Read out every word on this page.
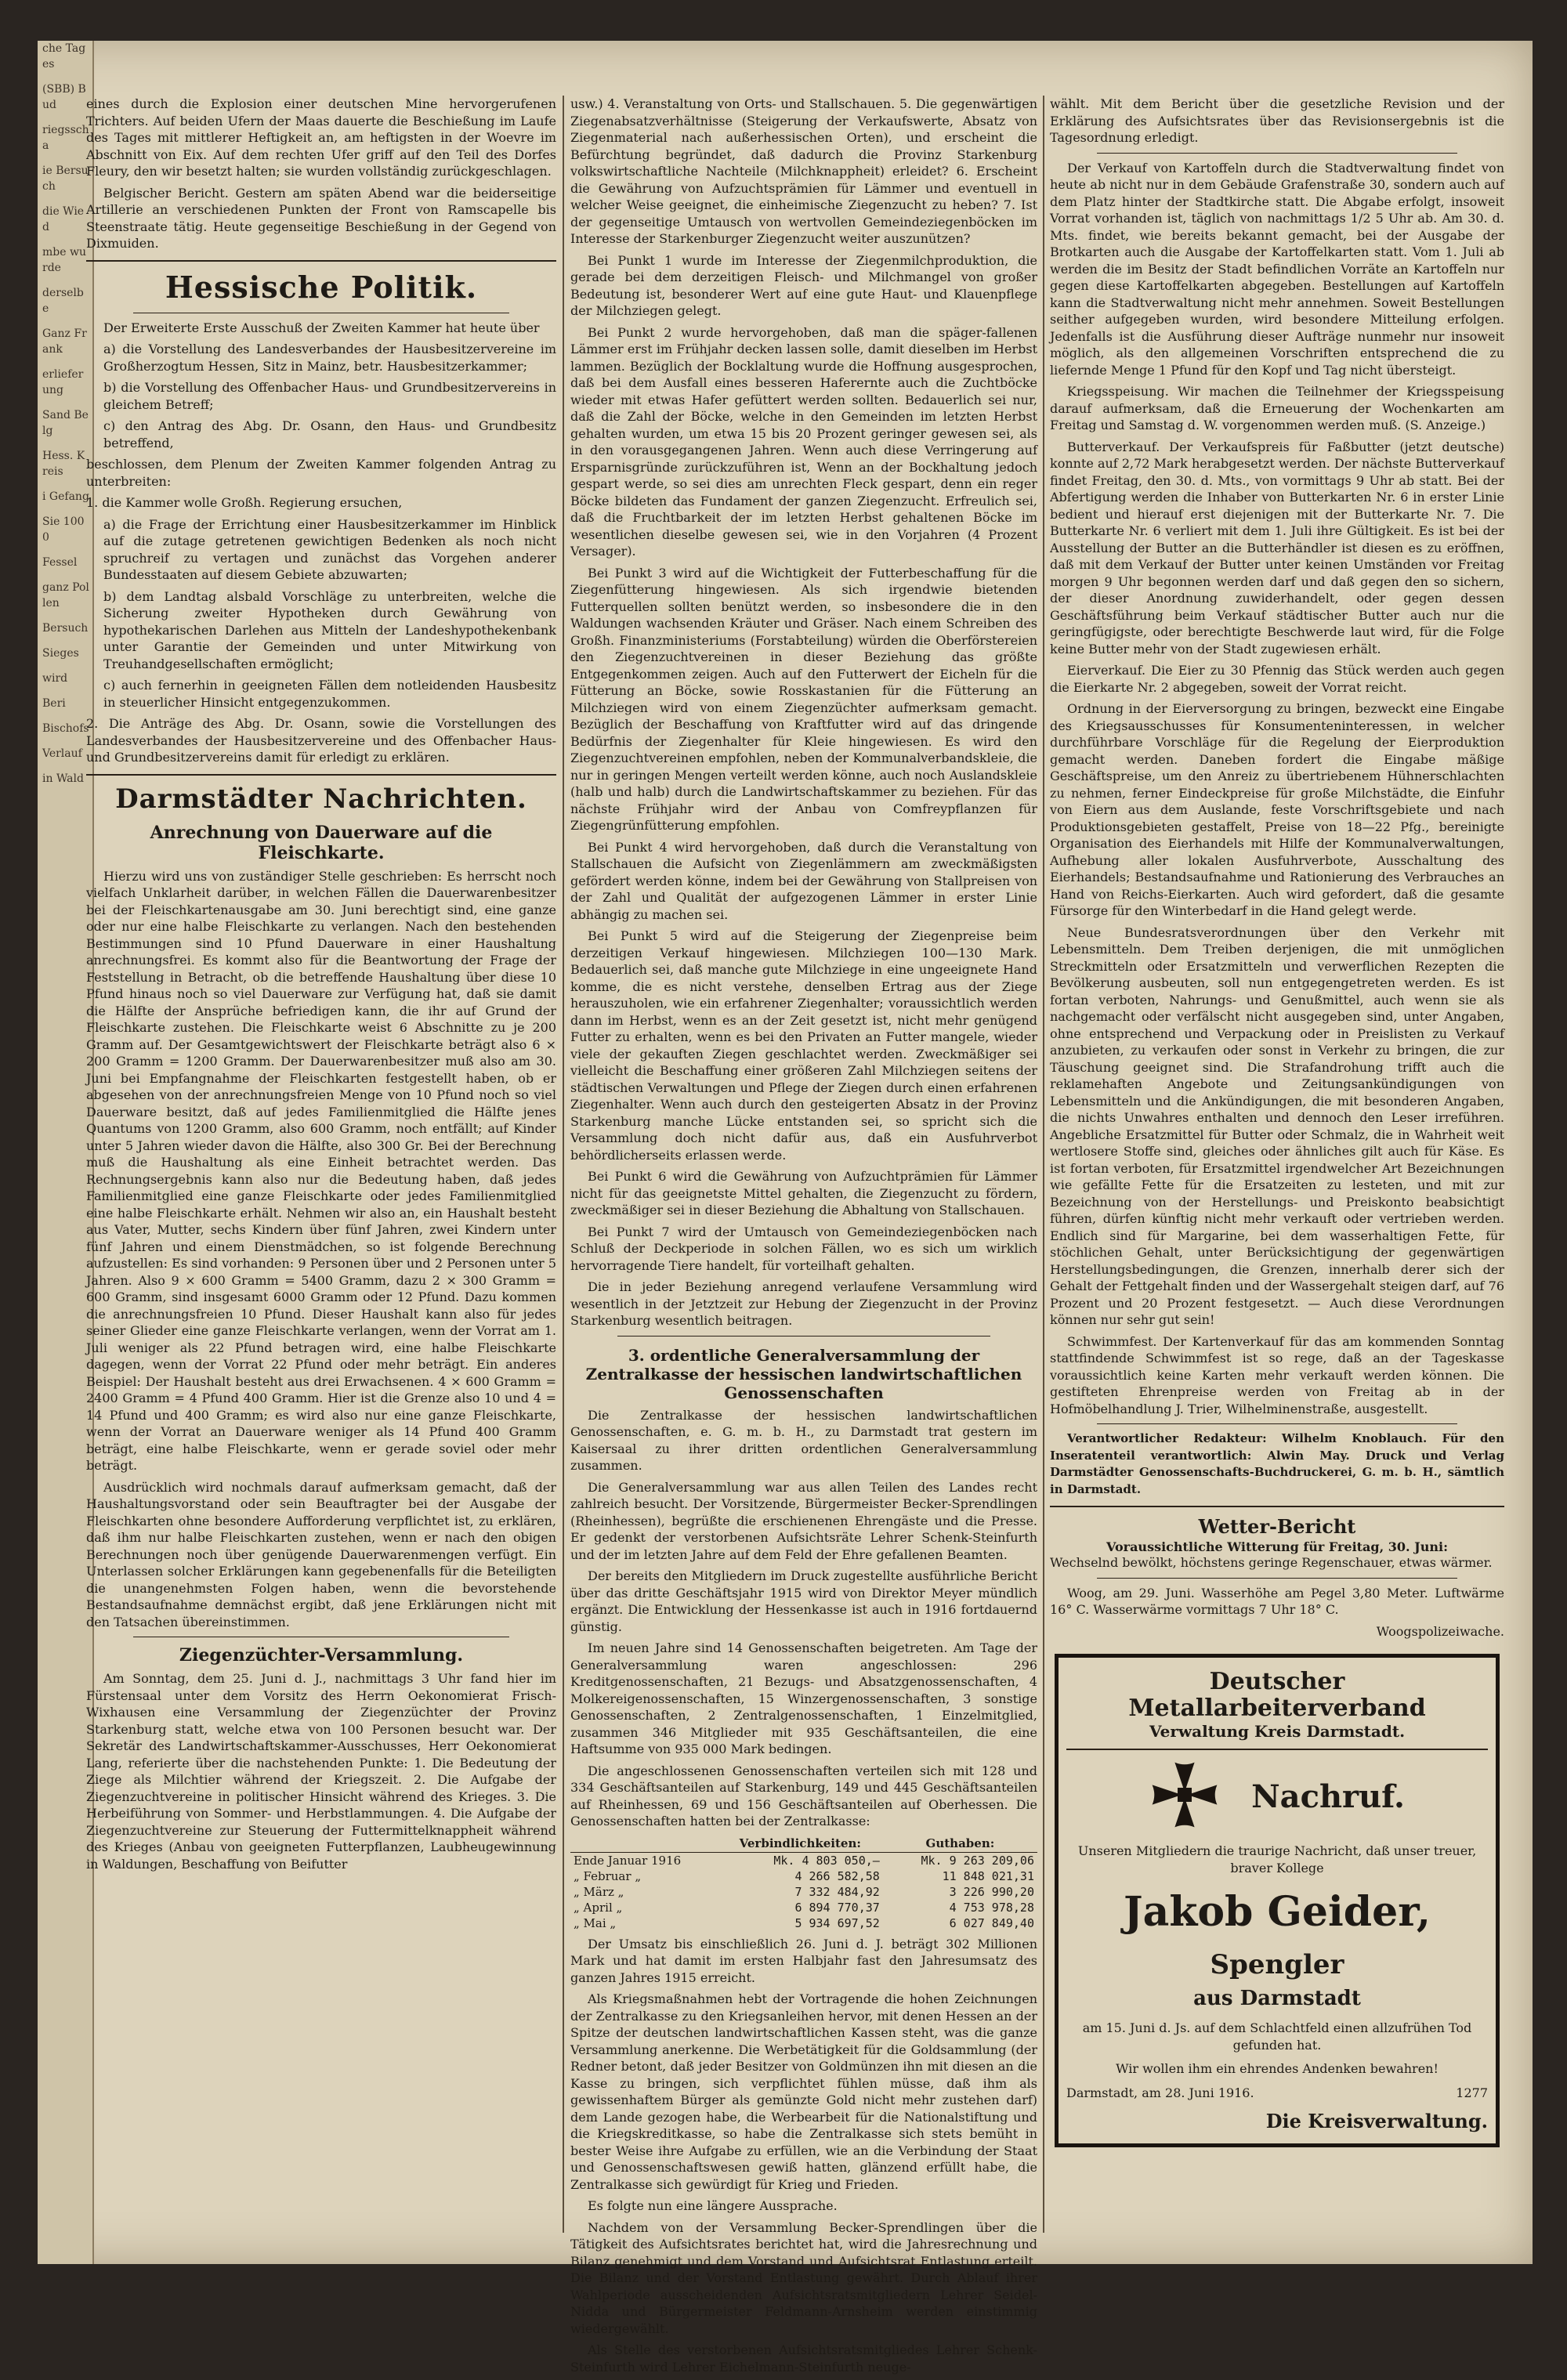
che Tages

(SBB) Bud

riegsscha

ie Bersuch

die Wied

mbe wurde

derselbe

Ganz Frank

erlieferung

Sand Belg

Hess. Kreis

i Gefang

Sie 1000

Fessel

ganz Pollen

Bersuch

Sieges

wird

Beri

Bischofs

Verlauf

in Wald

eines durch die Explosion einer deutschen Mine hervorgerufenen Trichters. Auf beiden Ufern der Maas dauerte die Beschießung im Laufe des Tages mit mittlerer Heftigkeit an, am heftigsten in der Woevre im Abschnitt von Eix. Auf dem rechten Ufer griff auf den Teil des Dorfes Fleury, den wir besetzt halten; sie wurden vollständig zurückgeschlagen.

Belgischer Bericht. Gestern am späten Abend war die beiderseitige Artillerie an verschiedenen Punkten der Front von Ramscapelle bis Steenstraate tätig. Heute gegenseitige Beschießung in der Gegend von Dixmuiden.

Hessische Politik.

Der Erweiterte Erste Ausschuß der Zweiten Kammer hat heute über

a) die Vorstellung des Landesverbandes der Hausbesitzervereine im Großherzogtum Hessen, Sitz in Mainz, betr. Hausbesitzerkammer;

b) die Vorstellung des Offenbacher Haus- und Grundbesitzervereins in gleichem Betreff;

c) den Antrag des Abg. Dr. Osann, den Haus- und Grundbesitz betreffend,

beschlossen, dem Plenum der Zweiten Kammer folgenden Antrag zu unterbreiten:

1. die Kammer wolle Großh. Regierung ersuchen,

a) die Frage der Errichtung einer Hausbesitzerkammer im Hinblick auf die zutage getretenen gewichtigen Bedenken als noch nicht spruchreif zu vertagen und zunächst das Vorgehen anderer Bundesstaaten auf diesem Gebiete abzuwarten;

b) dem Landtag alsbald Vorschläge zu unterbreiten, welche die Sicherung zweiter Hypotheken durch Gewährung von hypothekarischen Darlehen aus Mitteln der Landeshypothekenbank unter Garantie der Gemeinden und unter Mitwirkung von Treuhandgesellschaften ermöglicht;

c) auch fernerhin in geeigneten Fällen dem notleidenden Hausbesitz in steuerlicher Hinsicht entgegenzukommen.

2. Die Anträge des Abg. Dr. Osann, sowie die Vorstellungen des Landesverbandes der Hausbesitzervereine und des Offenbacher Haus- und Grundbesitzervereins damit für erledigt zu erklären.

Darmstädter Nachrichten.
Anrechnung von Dauerware auf die Fleischkarte.

Hierzu wird uns von zuständiger Stelle geschrieben: Es herrscht noch vielfach Unklarheit darüber, in welchen Fällen die Dauerwarenbesitzer bei der Fleischkartenausgabe am 30. Juni berechtigt sind, eine ganze oder nur eine halbe Fleischkarte zu verlangen. Nach den bestehenden Bestimmungen sind 10 Pfund Dauerware in einer Haushaltung anrechnungsfrei. Es kommt also für die Beantwortung der Frage der Feststellung in Betracht, ob die betreffende Haushaltung über diese 10 Pfund hinaus noch so viel Dauerware zur Verfügung hat, daß sie damit die Hälfte der Ansprüche befriedigen kann, die ihr auf Grund der Fleischkarte zustehen. Die Fleischkarte weist 6 Abschnitte zu je 200 Gramm auf. Der Gesamtgewichtswert der Fleischkarte beträgt also 6 × 200 Gramm = 1200 Gramm. Der Dauerwarenbesitzer muß also am 30. Juni bei Empfangnahme der Fleischkarten festgestellt haben, ob er abgesehen von der anrechnungsfreien Menge von 10 Pfund noch so viel Dauerware besitzt, daß auf jedes Familienmitglied die Hälfte jenes Quantums von 1200 Gramm, also 600 Gramm, noch entfällt; auf Kinder unter 5 Jahren wieder davon die Hälfte, also 300 Gr. Bei der Berechnung muß die Haushaltung als eine Einheit betrachtet werden. Das Rechnungsergebnis kann also nur die Bedeutung haben, daß jedes Familienmitglied eine ganze Fleischkarte oder jedes Familienmitglied eine halbe Fleischkarte erhält. Nehmen wir also an, ein Haushalt besteht aus Vater, Mutter, sechs Kindern über fünf Jahren, zwei Kindern unter fünf Jahren und einem Dienstmädchen, so ist folgende Berechnung aufzustellen: Es sind vorhanden: 9 Personen über und 2 Personen unter 5 Jahren. Also 9 × 600 Gramm = 5400 Gramm, dazu 2 × 300 Gramm = 600 Gramm, sind insgesamt 6000 Gramm oder 12 Pfund. Dazu kommen die anrechnungsfreien 10 Pfund. Dieser Haushalt kann also für jedes seiner Glieder eine ganze Fleischkarte verlangen, wenn der Vorrat am 1. Juli weniger als 22 Pfund betragen wird, eine halbe Fleischkarte dagegen, wenn der Vorrat 22 Pfund oder mehr beträgt. Ein anderes Beispiel: Der Haushalt besteht aus drei Erwachsenen. 4 × 600 Gramm = 2400 Gramm = 4 Pfund 400 Gramm. Hier ist die Grenze also 10 und 4 = 14 Pfund und 400 Gramm; es wird also nur eine ganze Fleischkarte, wenn der Vorrat an Dauerware weniger als 14 Pfund 400 Gramm beträgt, eine halbe Fleischkarte, wenn er gerade soviel oder mehr beträgt.

Ausdrücklich wird nochmals darauf aufmerksam gemacht, daß der Haushaltungsvorstand oder sein Beauftragter bei der Ausgabe der Fleischkarten ohne besondere Aufforderung verpflichtet ist, zu erklären, daß ihm nur halbe Fleischkarten zustehen, wenn er nach den obigen Berechnungen noch über genügende Dauerwarenmengen verfügt. Ein Unterlassen solcher Erklärungen kann gegebenenfalls für die Beteiligten die unangenehmsten Folgen haben, wenn die bevorstehende Bestandsaufnahme demnächst ergibt, daß jene Erklärungen nicht mit den Tatsachen übereinstimmen.

Ziegenzüchter-Versammlung.

Am Sonntag, dem 25. Juni d. J., nachmittags 3 Uhr fand hier im Fürstensaal unter dem Vorsitz des Herrn Oekonomierat Frisch-Wixhausen eine Versammlung der Ziegenzüchter der Provinz Starkenburg statt, welche etwa von 100 Personen besucht war. Der Sekretär des Landwirtschaftskammer-Ausschusses, Herr Oekonomierat Lang, referierte über die nachstehenden Punkte: 1. Die Bedeutung der Ziege als Milchtier während der Kriegszeit. 2. Die Aufgabe der Ziegenzuchtvereine in politischer Hinsicht während des Krieges. 3. Die Herbeiführung von Sommer- und Herbstlammungen. 4. Die Aufgabe der Ziegenzuchtvereine zur Steuerung der Futtermittelknappheit während des Krieges (Anbau von geeigneten Futterpflanzen, Laubheugewinnung in Waldungen, Beschaffung von Beifutter

usw.) 4. Veranstaltung von Orts- und Stallschauen. 5. Die gegenwärtigen Ziegenabsatzverhältnisse (Steigerung der Verkaufswerte, Absatz von Ziegenmaterial nach außerhessischen Orten), und erscheint die Befürchtung begründet, daß dadurch die Provinz Starkenburg volkswirtschaftliche Nachteile (Milchknappheit) erleidet? 6. Erscheint die Gewährung von Aufzuchtsprämien für Lämmer und eventuell in welcher Weise geeignet, die einheimische Ziegenzucht zu heben? 7. Ist der gegenseitige Umtausch von wertvollen Gemeindeziegenböcken im Interesse der Starkenburger Ziegenzucht weiter auszunützen?

Bei Punkt 1 wurde im Interesse der Ziegenmilchproduktion, die gerade bei dem derzeitigen Fleisch- und Milchmangel von großer Bedeutung ist, besonderer Wert auf eine gute Haut- und Klauenpflege der Milchziegen gelegt.

Bei Punkt 2 wurde hervorgehoben, daß man die späger-fallenen Lämmer erst im Frühjahr decken lassen solle, damit dieselben im Herbst lammen. Bezüglich der Bocklaltung wurde die Hoffnung ausgesprochen, daß bei dem Ausfall eines besseren Haferernte auch die Zuchtböcke wieder mit etwas Hafer gefüttert werden sollten. Bedauerlich sei nur, daß die Zahl der Böcke, welche in den Gemeinden im letzten Herbst gehalten wurden, um etwa 15 bis 20 Prozent geringer gewesen sei, als in den vorausgegangenen Jahren. Wenn auch diese Verringerung auf Ersparnisgründe zurückzuführen ist, Wenn an der Bockhaltung jedoch gespart werde, so sei dies am unrechten Fleck gespart, denn ein reger Böcke bildeten das Fundament der ganzen Ziegenzucht. Erfreulich sei, daß die Fruchtbarkeit der im letzten Herbst gehaltenen Böcke im wesentlichen dieselbe gewesen sei, wie in den Vorjahren (4 Prozent Versager).

Bei Punkt 3 wird auf die Wichtigkeit der Futterbeschaffung für die Ziegenfütterung hingewiesen. Als sich irgendwie bietenden Futterquellen sollten benützt werden, so insbesondere die in den Waldungen wachsenden Kräuter und Gräser. Nach einem Schreiben des Großh. Finanzministeriums (Forstabteilung) würden die Oberförstereien den Ziegenzuchtvereinen in dieser Beziehung das größte Entgegenkommen zeigen. Auch auf den Futterwert der Eicheln für die Fütterung an Böcke, sowie Rosskastanien für die Fütterung an Milchziegen wird von einem Ziegenzüchter aufmerksam gemacht. Bezüglich der Beschaffung von Kraftfutter wird auf das dringende Bedürfnis der Ziegenhalter für Kleie hingewiesen. Es wird den Ziegenzuchtvereinen empfohlen, neben der Kommunalverbandskleie, die nur in geringen Mengen verteilt werden könne, auch noch Auslandskleie (halb und halb) durch die Landwirtschaftskammer zu beziehen. Für das nächste Frühjahr wird der Anbau von Comfreypflanzen für Ziegengrünfütterung empfohlen.

Bei Punkt 4 wird hervorgehoben, daß durch die Veranstaltung von Stallschauen die Aufsicht von Ziegenlämmern am zweckmäßigsten gefördert werden könne, indem bei der Gewährung von Stallpreisen von der Zahl und Qualität der aufgezogenen Lämmer in erster Linie abhängig zu machen sei.

Bei Punkt 5 wird auf die Steigerung der Ziegenpreise beim derzeitigen Verkauf hingewiesen. Milchziegen 100—130 Mark. Bedauerlich sei, daß manche gute Milchziege in eine ungeeignete Hand komme, die es nicht verstehe, denselben Ertrag aus der Ziege herauszuholen, wie ein erfahrener Ziegenhalter; voraussichtlich werden dann im Herbst, wenn es an der Zeit gesetzt ist, nicht mehr genügend Futter zu erhalten, wenn es bei den Privaten an Futter mangele, wieder viele der gekauften Ziegen geschlachtet werden. Zweckmäßiger sei vielleicht die Beschaffung einer größeren Zahl Milchziegen seitens der städtischen Verwaltungen und Pflege der Ziegen durch einen erfahrenen Ziegenhalter. Wenn auch durch den gesteigerten Absatz in der Provinz Starkenburg manche Lücke entstanden sei, so spricht sich die Versammlung doch nicht dafür aus, daß ein Ausfuhrverbot behördlicherseits erlassen werde.

Bei Punkt 6 wird die Gewährung von Aufzuchtprämien für Lämmer nicht für das geeignetste Mittel gehalten, die Ziegenzucht zu fördern, zweckmäßiger sei in dieser Beziehung die Abhaltung von Stallschauen.

Bei Punkt 7 wird der Umtausch von Gemeindeziegenböcken nach Schluß der Deckperiode in solchen Fällen, wo es sich um wirklich hervorragende Tiere handelt, für vorteilhaft gehalten.

Die in jeder Beziehung anregend verlaufene Versammlung wird wesentlich in der Jetztzeit zur Hebung der Ziegenzucht in der Provinz Starkenburg wesentlich beitragen.

3. ordentliche Generalversammlung der Zentralkasse der hessischen landwirtschaftlichen Genossenschaften

Die Zentralkasse der hessischen landwirtschaftlichen Genossenschaften, e. G. m. b. H., zu Darmstadt trat gestern im Kaisersaal zu ihrer dritten ordentlichen Generalversammlung zusammen.

Die Generalversammlung war aus allen Teilen des Landes recht zahlreich besucht. Der Vorsitzende, Bürgermeister Becker-Sprendlingen (Rheinhessen), begrüßte die erschienenen Ehrengäste und die Presse. Er gedenkt der verstorbenen Aufsichtsräte Lehrer Schenk-Steinfurth und der im letzten Jahre auf dem Feld der Ehre gefallenen Beamten.

Der bereits den Mitgliedern im Druck zugestellte ausführliche Bericht über das dritte Geschäftsjahr 1915 wird von Direktor Meyer mündlich ergänzt. Die Entwicklung der Hessenkasse ist auch in 1916 fortdauernd günstig.

Im neuen Jahre sind 14 Genossenschaften beigetreten. Am Tage der Generalversammlung waren angeschlossen: 296 Kreditgenossenschaften, 21 Bezugs- und Absatzgenossenschaften, 4 Molkereigenossenschaften, 15 Winzergenossenschaften, 3 sonstige Genossenschaften, 2 Zentralgenossenschaften, 1 Einzelmitglied, zusammen 346 Mitglieder mit 935 Geschäftsanteilen, die eine Haftsumme von 935 000 Mark bedingen.

Die angeschlossenen Genossenschaften verteilen sich mit 128 und 334 Geschäftsanteilen auf Starkenburg, 149 und 445 Geschäftsanteilen auf Rheinhessen, 69 und 156 Geschäftsanteilen auf Oberhessen. Die Genossenschaften hatten bei der Zentralkasse:

	Verbindlichkeiten:	Guthaben:
Ende Januar 1916	Mk. 4 803 050,—	Mk. 9 263 209,06
„ Februar „	4 266 582,58	11 848 021,31
„ März „	7 332 484,92	3 226 990,20
„ April „	6 894 770,37	4 753 978,28
„ Mai „	5 934 697,52	6 027 849,40

Der Umsatz bis einschließlich 26. Juni d. J. beträgt 302 Millionen Mark und hat damit im ersten Halbjahr fast den Jahresumsatz des ganzen Jahres 1915 erreicht.

Als Kriegsmaßnahmen hebt der Vortragende die hohen Zeichnungen der Zentralkasse zu den Kriegsanleihen hervor, mit denen Hessen an der Spitze der deutschen landwirtschaftlichen Kassen steht, was die ganze Versammlung anerkenne. Die Werbetätigkeit für die Goldsammlung (der Redner betont, daß jeder Besitzer von Goldmünzen ihn mit diesen an die Kasse zu bringen, sich verpflichtet fühlen müsse, daß ihm als gewissenhaftem Bürger als gemünzte Gold nicht mehr zustehen darf) dem Lande gezogen habe, die Werbearbeit für die Nationalstiftung und die Kriegskreditkasse, so habe die Zentralkasse sich stets bemüht in bester Weise ihre Aufgabe zu erfüllen, wie an die Verbindung der Staat und Genossenschaftswesen gewiß hatten, glänzend erfüllt habe, die Zentralkasse sich gewürdigt für Krieg und Frieden.

Es folgte nun eine längere Aussprache.

Nachdem von der Versammlung Becker-Sprendlingen über die Tätigkeit des Aufsichtsrates berichtet hat, wird die Jahresrechnung und Bilanz genehmigt und dem Vorstand und Aufsichtsrat Entlastung erteilt. Die Bilanz und der Vorstand Entlastung gewährt. Durch Ablauf ihrer Wahlperiode ausscheidenden Aufsichtsratsmitgliedern Lehrer Seidel-Nidda und Bürgermeister Feldmann-Arnsheim werden einstimmig wiedergewählt.

Als Stelle des verstorbenen Aufsichtsratsmitgliedes Lehrer Schenk-Steinfurth wird Lehrer Eichelmann-Steinfurth neuge-

wählt. Mit dem Bericht über die gesetzliche Revision und der Erklärung des Aufsichtsrates über das Revisionsergebnis ist die Tagesordnung erledigt.

Der Verkauf von Kartoffeln durch die Stadtverwaltung findet von heute ab nicht nur in dem Gebäude Grafenstraße 30, sondern auch auf dem Platz hinter der Stadtkirche statt. Die Abgabe erfolgt, insoweit Vorrat vorhanden ist, täglich von nachmittags 1/2 5 Uhr ab. Am 30. d. Mts. findet, wie bereits bekannt gemacht, bei der Ausgabe der Brotkarten auch die Ausgabe der Kartoffelkarten statt. Vom 1. Juli ab werden die im Besitz der Stadt befindlichen Vorräte an Kartoffeln nur gegen diese Kartoffelkarten abgegeben. Bestellungen auf Kartoffeln kann die Stadtverwaltung nicht mehr annehmen. Soweit Bestellungen seither aufgegeben wurden, wird besondere Mitteilung erfolgen. Jedenfalls ist die Ausführung dieser Aufträge nunmehr nur insoweit möglich, als den allgemeinen Vorschriften entsprechend die zu liefernde Menge 1 Pfund für den Kopf und Tag nicht übersteigt.

Kriegsspeisung. Wir machen die Teilnehmer der Kriegsspeisung darauf aufmerksam, daß die Erneuerung der Wochenkarten am Freitag und Samstag d. W. vorgenommen werden muß. (S. Anzeige.)

Butterverkauf. Der Verkaufspreis für Faßbutter (jetzt deutsche) konnte auf 2,72 Mark herabgesetzt werden. Der nächste Butterverkauf findet Freitag, den 30. d. Mts., von vormittags 9 Uhr ab statt. Bei der Abfertigung werden die Inhaber von Butterkarten Nr. 6 in erster Linie bedient und hierauf erst diejenigen mit der Butterkarte Nr. 7. Die Butterkarte Nr. 6 verliert mit dem 1. Juli ihre Gültigkeit. Es ist bei der Ausstellung der Butter an die Butterhändler ist diesen es zu eröffnen, daß mit dem Verkauf der Butter unter keinen Umständen vor Freitag morgen 9 Uhr begonnen werden darf und daß gegen den so sichern, der dieser Anordnung zuwiderhandelt, oder gegen dessen Geschäftsführung beim Verkauf städtischer Butter auch nur die geringfügigste, oder berechtigte Beschwerde laut wird, für die Folge keine Butter mehr von der Stadt zugewiesen erhält.

Eierverkauf. Die Eier zu 30 Pfennig das Stück werden auch gegen die Eierkarte Nr. 2 abgegeben, soweit der Vorrat reicht.

Ordnung in der Eierversorgung zu bringen, bezweckt eine Eingabe des Kriegsausschusses für Konsumenteninteressen, in welcher durchführbare Vorschläge für die Regelung der Eierproduktion gemacht werden. Daneben fordert die Eingabe mäßige Geschäftspreise, um den Anreiz zu übertriebenem Hühnerschlachten zu nehmen, ferner Eindeckpreise für große Milchstädte, die Einfuhr von Eiern aus dem Auslande, feste Vorschriftsgebiete und nach Produktionsgebieten gestaffelt, Preise von 18—22 Pfg., bereinigte Organisation des Eierhandels mit Hilfe der Kommunalverwaltungen, Aufhebung aller lokalen Ausfuhrverbote, Ausschaltung des Eierhandels; Bestandsaufnahme und Rationierung des Verbrauches an Hand von Reichs-Eierkarten. Auch wird gefordert, daß die gesamte Fürsorge für den Winterbedarf in die Hand gelegt werde.

Neue Bundesratsverordnungen über den Verkehr mit Lebensmitteln. Dem Treiben derjenigen, die mit unmöglichen Streckmitteln oder Ersatzmitteln und verwerflichen Rezepten die Bevölkerung ausbeuten, soll nun entgegengetreten werden. Es ist fortan verboten, Nahrungs- und Genußmittel, auch wenn sie als nachgemacht oder verfälscht nicht ausgegeben sind, unter Angaben, ohne entsprechend und Verpackung oder in Preislisten zu Verkauf anzubieten, zu verkaufen oder sonst in Verkehr zu bringen, die zur Täuschung geeignet sind. Die Strafandrohung trifft auch die reklamehaften Angebote und Zeitungsankündigungen von Lebensmitteln und die Ankündigungen, die mit besonderen Angaben, die nichts Unwahres enthalten und dennoch den Leser irreführen. Angebliche Ersatzmittel für Butter oder Schmalz, die in Wahrheit weit wertlosere Stoffe sind, gleiches oder ähnliches gilt auch für Käse. Es ist fortan verboten, für Ersatzmittel irgendwelcher Art Bezeichnungen wie gefällte Fette für die Ersatzeiten zu lesteten, und mit zur Bezeichnung von der Herstellungs- und Preiskonto beabsichtigt führen, dürfen künftig nicht mehr verkauft oder vertrieben werden. Endlich sind für Margarine, bei dem wasserhaltigen Fette, für stöchlichen Gehalt, unter Berücksichtigung der gegenwärtigen Herstellungsbedingungen, die Grenzen, innerhalb derer sich der Gehalt der Fettgehalt finden und der Wassergehalt steigen darf, auf 76 Prozent und 20 Prozent festgesetzt. — Auch diese Verordnungen können nur sehr gut sein!

Schwimmfest. Der Kartenverkauf für das am kommenden Sonntag stattfindende Schwimmfest ist so rege, daß an der Tageskasse voraussichtlich keine Karten mehr verkauft werden können. Die gestifteten Ehrenpreise werden von Freitag ab in der Hofmöbelhandlung J. Trier, Wilhelminenstraße, ausgestellt.

Verantwortlicher Redakteur: Wilhelm Knoblauch. Für den Inseratenteil verantwortlich: Alwin May. Druck und Verlag Darmstädter Genossenschafts-Buchdruckerei, G. m. b. H., sämtlich in Darmstadt.

Wetter-Bericht
Voraussichtliche Witterung für Freitag, 30. Juni:

Wechselnd bewölkt, höchstens geringe Regenschauer, etwas wärmer.

Woog, am 29. Juni. Wasserhöhe am Pegel 3,80 Meter. Luftwärme 16° C. Wasserwärme vormittags 7 Uhr 18° C.

Woogspolizeiwache.

Deutscher Metallarbeiterverband
Verwaltung Kreis Darmstadt.
Nachruf.
Unseren Mitgliedern die traurige Nachricht, daß unser treuer, braver Kollege
Jakob Geider, Spengler
aus Darmstadt
am 15. Juni d. Js. auf dem Schlachtfeld einen allzufrühen Tod gefunden hat.
Wir wollen ihm ein ehrendes Andenken bewahren!
Darmstadt, am 28. Juni 1916.	1277
Die Kreisverwaltung.
